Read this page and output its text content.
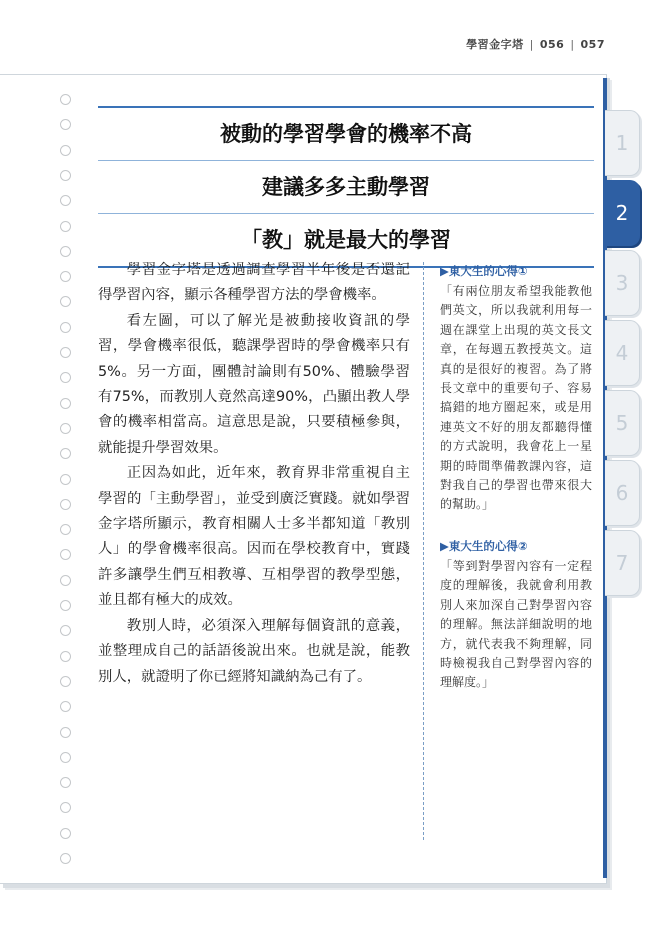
學習金字塔 | 056 | 057
1
2
3
4
5
6
7
被動的學習學會的機率不高
建議多多主動學習
「教」就是最大的學習

學習金字塔是透過調查學習半年後是否還記得學習內容，顯示各種學習方法的學會機率。

看左圖，可以了解光是被動接收資訊的學習，學會機率很低，聽課學習時的學會機率只有5%。另一方面，團體討論則有50%、體驗學習有75%，而教別人竟然高達90%，凸顯出教人學會的機率相當高。這意思是說，只要積極參與，就能提升學習效果。

正因為如此，近年來，教育界非常重視自主學習的「主動學習」，並受到廣泛實踐。就如學習金字塔所顯示，教育相關人士多半都知道「教別人」的學會機率很高。因而在學校教育中，實踐許多讓學生們互相教導、互相學習的教學型態，並且都有極大的成效。

教別人時，必須深入理解每個資訊的意義，並整理成自己的話語後說出來。也就是說，能教別人，就證明了你已經將知識納為己有了。

▶東大生的心得①
「有兩位朋友希望我能教他們英文，所以我就利用每一週在課堂上出現的英文長文章，在每週五教授英文。這真的是很好的複習。為了將長文章中的重要句子、容易搞錯的地方圈起來，或是用連英文不好的朋友都聽得懂的方式說明，我會花上一星期的時間準備教課內容，這對我自己的學習也帶來很大的幫助。」
▶東大生的心得②
「等到對學習內容有一定程度的理解後，我就會利用教別人來加深自己對學習內容的理解。無法詳細說明的地方，就代表我不夠理解，同時檢視我自己對學習內容的理解度。」
